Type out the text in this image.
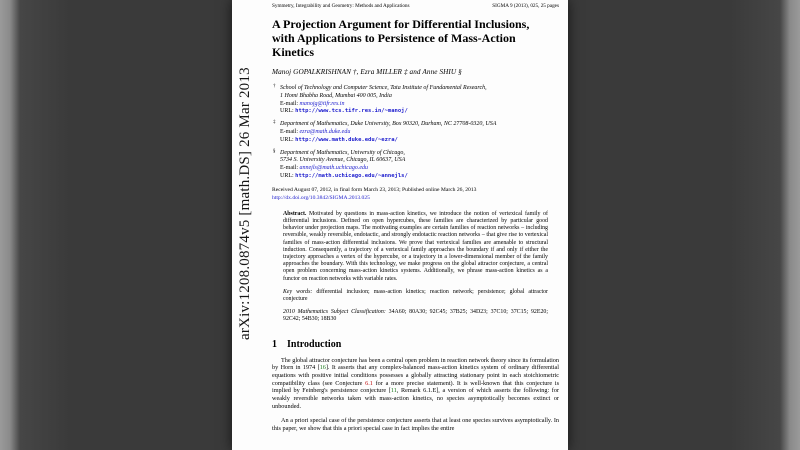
arXiv:1208.0874v5 [math.DS] 26 Mar 2013
Symmetry, Integrability and Geometry: Methods and Applications	SIGMA 9 (2013), 025, 25 pages
A Projection Argument for Differential Inclusions,
with Applications to Persistence of Mass-Action
Kinetics
Manoj GOPALKRISHNAN †, Ezra MILLER ‡ and Anne SHIU §
† School of Technology and Computer Science, Tata Institute of Fundamental Research,
1 Homi Bhabha Road, Mumbai 400 005, India
E-mail: manojg@tifr.res.in
URL: http://www.tcs.tifr.res.in/~manoj/
‡ Department of Mathematics, Duke University, Box 90320, Durham, NC 27708-0320, USA
E-mail: ezra@math.duke.edu
URL: http://www.math.duke.edu/~ezra/
§ Department of Mathematics, University of Chicago,
5734 S. University Avenue, Chicago, IL 60637, USA
E-mail: annejls@math.uchicago.edu
URL: http://math.uchicago.edu/~annejls/
Received August 07, 2012, in final form March 23, 2013; Published online March 26, 2013
http://dx.doi.org/10.3842/SIGMA.2013.025
Abstract. Motivated by questions in mass-action kinetics, we introduce the notion of vertexical family of differential inclusions. Defined on open hypercubes, these families are characterized by particular good behavior under projection maps. The motivating examples are certain families of reaction networks – including reversible, weakly reversible, endotactic, and strongly endotactic reaction networks – that give rise to vertexical families of mass-action differential inclusions. We prove that vertexical families are amenable to structural induction. Consequently, a trajectory of a vertexical family approaches the boundary if and only if either the trajectory approaches a vertex of the hypercube, or a trajectory in a lower-dimensional member of the family approaches the boundary. With this technology, we make progress on the global attractor conjecture, a central open problem concerning mass-action kinetics systems. Additionally, we phrase mass-action kinetics as a functor on reaction networks with variable rates.
Key words: differential inclusion; mass-action kinetics; reaction network; persistence; global attractor conjecture
2010 Mathematics Subject Classification: 34A60; 80A30; 92C45; 37B25; 34D23; 37C10; 37C15; 92E20; 92C42; 54B30; 18B30
1 Introduction

The global attractor conjecture has been a central open problem in reaction network theory since its formulation by Horn in 1974 [16]. It asserts that any complex-balanced mass-action kinetics system of ordinary differential equations with positive initial conditions possesses a globally attracting stationary point in each stoichiometric compatibility class (see Conjecture 6.1 for a more precise statement). It is well-known that this conjecture is implied by Feinberg's persistence conjecture [11, Remark 6.1.E], a version of which asserts the following: for weakly reversible networks taken with mass-action kinetics, no species asymptotically becomes extinct or unbounded.

An a priori special case of the persistence conjecture asserts that at least one species survives asymptotically. In this paper, we show that this a priori special case in fact implies the entire
